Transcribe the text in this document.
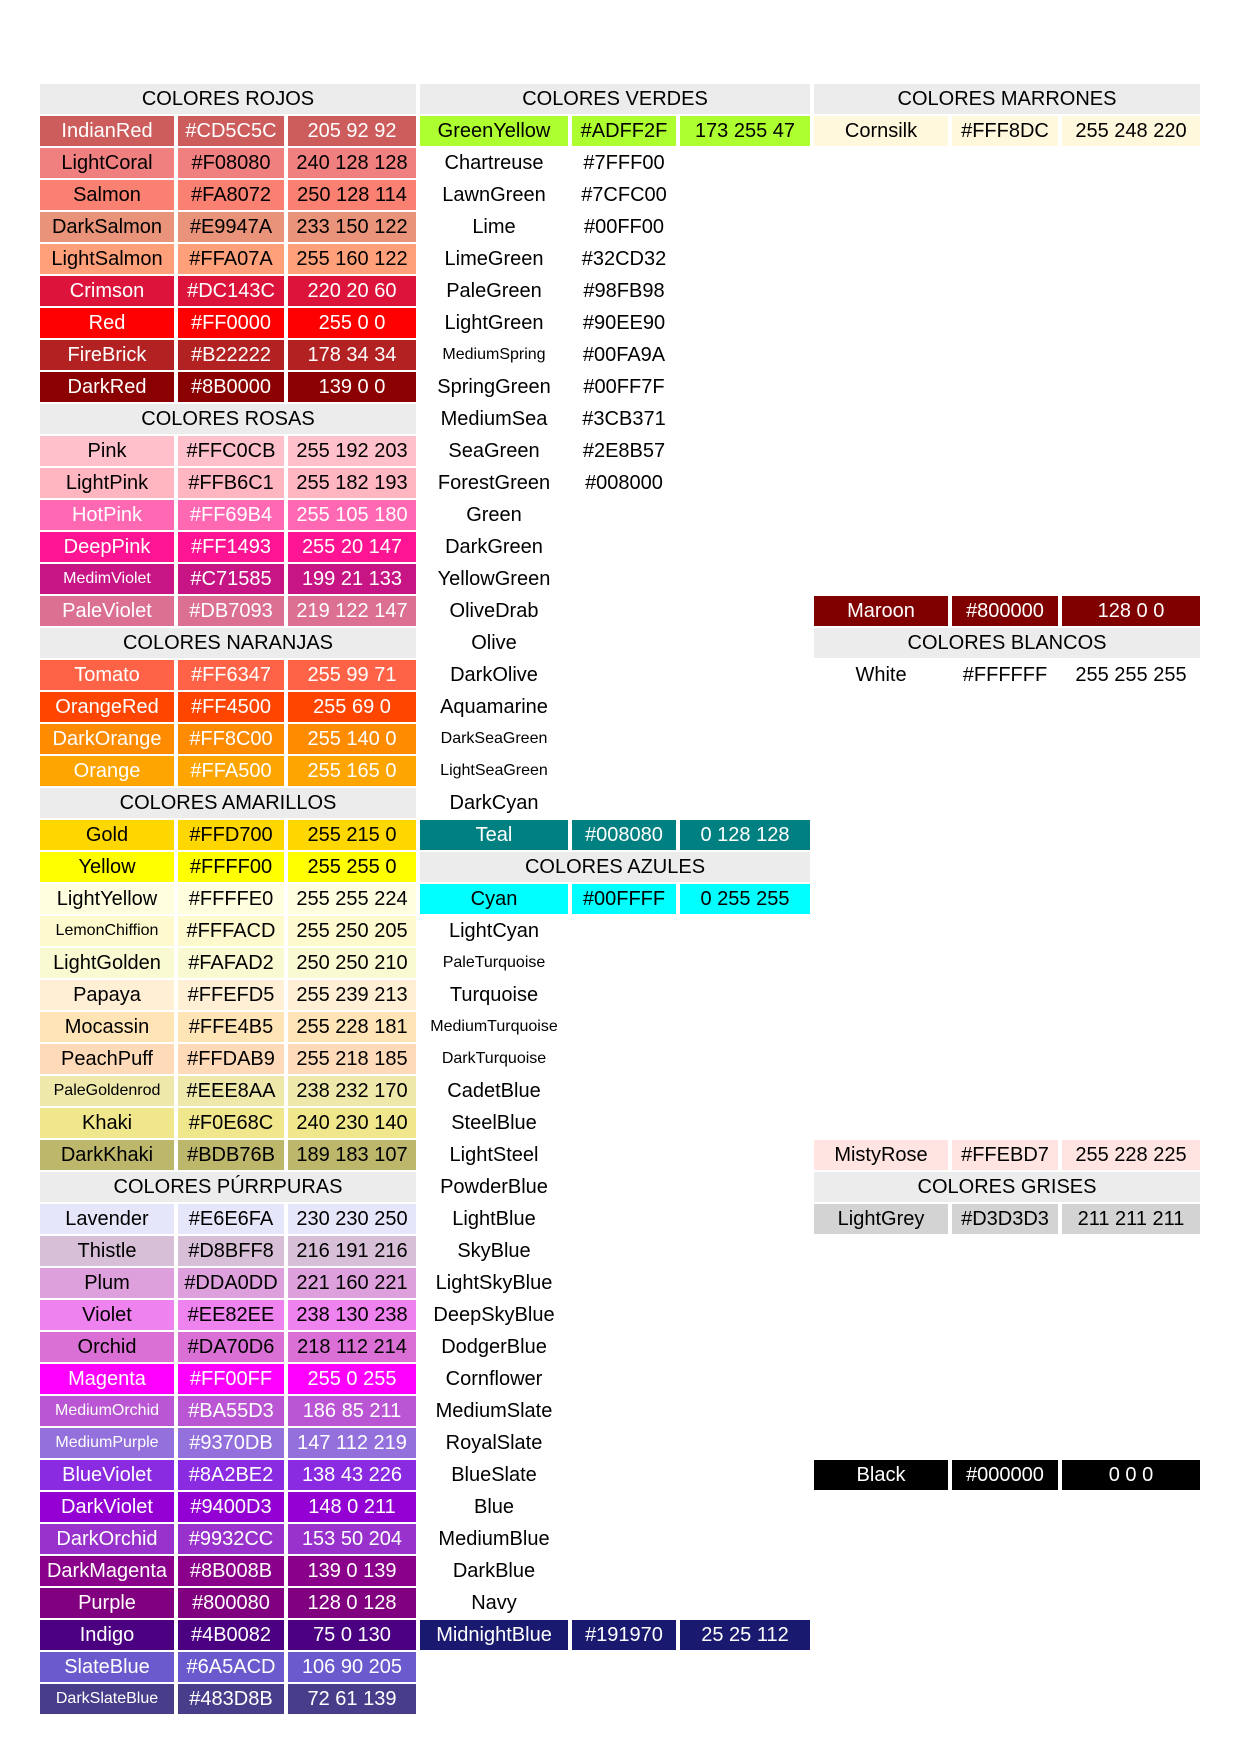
COLORES ROJOS
IndianRed	#CD5C5C	205 92 92
LightCoral	#F08080	240 128 128
Salmon	#FA8072	250 128 114
DarkSalmon	#E9947A	233 150 122
LightSalmon	#FFA07A	255 160 122
Crimson	#DC143C	220 20 60
Red	#FF0000	255 0 0
FireBrick	#B22222	178 34 34
DarkRed	#8B0000	139 0 0
COLORES ROSAS
Pink	#FFC0CB	255 192 203
LightPink	#FFB6C1	255 182 193
HotPink	#FF69B4	255 105 180
DeepPink	#FF1493	255 20 147
MedimViolet	#C71585	199 21 133
PaleViolet	#DB7093	219 122 147
COLORES NARANJAS
Tomato	#FF6347	255 99 71
OrangeRed	#FF4500	255 69 0
DarkOrange	#FF8C00	255 140 0
Orange	#FFA500	255 165 0
COLORES AMARILLOS
Gold	#FFD700	255 215 0
Yellow	#FFFF00	255 255 0
LightYellow	#FFFFE0	255 255 224
LemonChiffion	#FFFACD	255 250 205
LightGolden	#FAFAD2	250 250 210
Papaya	#FFEFD5	255 239 213
Mocassin	#FFE4B5	255 228 181
PeachPuff	#FFDAB9	255 218 185
PaleGoldenrod	#EEE8AA	238 232 170
Khaki	#F0E68C	240 230 140
DarkKhaki	#BDB76B	189 183 107
COLORES PÚRRPURAS
Lavender	#E6E6FA	230 230 250
Thistle	#D8BFF8	216 191 216
Plum	#DDA0DD 221 160 221
Violet	#EE82EE	238 130 238
Orchid	#DA70D6	218 112 214
Magenta	#FF00FF	255 0 255
MediumOrchid	#BA55D3	186 85 211
MediumPurple	#9370DB	147 112 219
BlueViolet	#8A2BE2	138 43 226
DarkViolet	#9400D3	148 0 211
DarkOrchid	#9932CC	153 50 204
DarkMagenta	#8B008B	139 0 139
Purple	#800080	128 0 128
Indigo	#4B0082	75 0 130
SlateBlue	#6A5ACD	106 90 205
DarkSlateBlue	#483D8B	72 61 139
COLORES VERDES
GreenYellow	#ADFF2F	173 255 47
Chartreuse	#7FFF00
LawnGreen	#7CFC00
Lime	#00FF00
LimeGreen	#32CD32
PaleGreen	#98FB98
LightGreen	#90EE90
MediumSpring	#00FA9A
SpringGreen	#00FF7F
MediumSea	#3CB371
SeaGreen	#2E8B57
ForestGreen	#008000
Green
DarkGreen
YellowGreen
OliveDrab
Olive
DarkOlive
Aquamarine
DarkSeaGreen
LightSeaGreen
DarkCyan
Teal	#008080	0 128 128
COLORES AZULES
Cyan	#00FFFF	0 255 255
LightCyan
PaleTurquoise
Turquoise
MediumTurquoise
DarkTurquoise
CadetBlue
SteelBlue
LightSteel
PowderBlue
LightBlue
SkyBlue
LightSkyBlue
DeepSkyBlue
DodgerBlue
Cornflower
MediumSlate
RoyalSlate
BlueSlate
Blue
MediumBlue
DarkBlue
Navy
MidnightBlue	#191970	25 25 112
COLORES MARRONES
Cornsilk	#FFF8DC	255 248 220
Maroon	#800000	128 0 0
COLORES BLANCOS
White	#FFFFFF	255 255 255
MistyRose	#FFEBD7	255 228 225
COLORES GRISES
LightGrey	#D3D3D3	211 211 211
Black	#000000	0 0 0
